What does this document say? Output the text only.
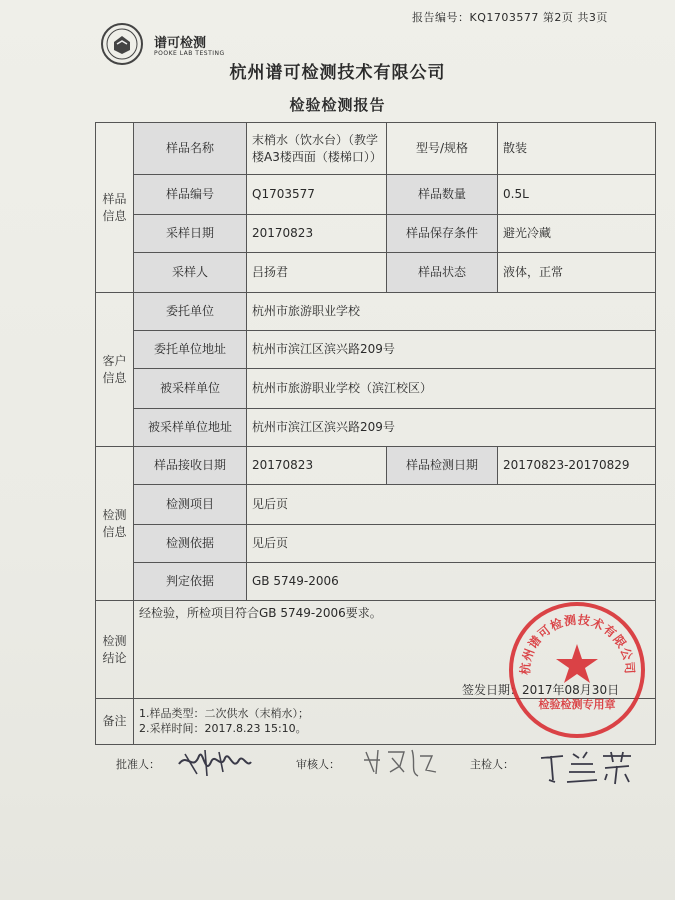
报告编号：KQ1703577 第2页 共3页
谱可检测
POOKE LAB TESTING
杭州谱可检测技术有限公司
检验检测报告
样品信息	样品名称	末梢水（饮水台）（教学楼A3楼西面（楼梯口））	型号/规格	散装
	样品编号	Q1703577	样品数量	0.5L
	采样日期	20170823	样品保存条件	避光冷藏
	采样人	吕扬君	样品状态	液体，正常
客户信息	委托单位	杭州市旅游职业学校		
	委托单位地址	杭州市滨江区滨兴路209号		
	被采样单位	杭州市旅游职业学校（滨江校区）		
	被采样单位地址	杭州市滨江区滨兴路209号		
检测信息	样品接收日期	20170823	样品检测日期	20170823-20170829
	检测项目	见后页		
	检测依据	见后页		
	判定依据	GB 5749-2006		
检测结论	经检验，所检项目符合GB 5749-2006要求。			
备注	1.样品类型：二次供水（末梢水）；
2.采样时间：2017.8.23 15:10。			
签发日期：2017年08月30日
杭州谱可检测技术有限公司
检验检测专用章
批准人：	审核人：	主检人：
